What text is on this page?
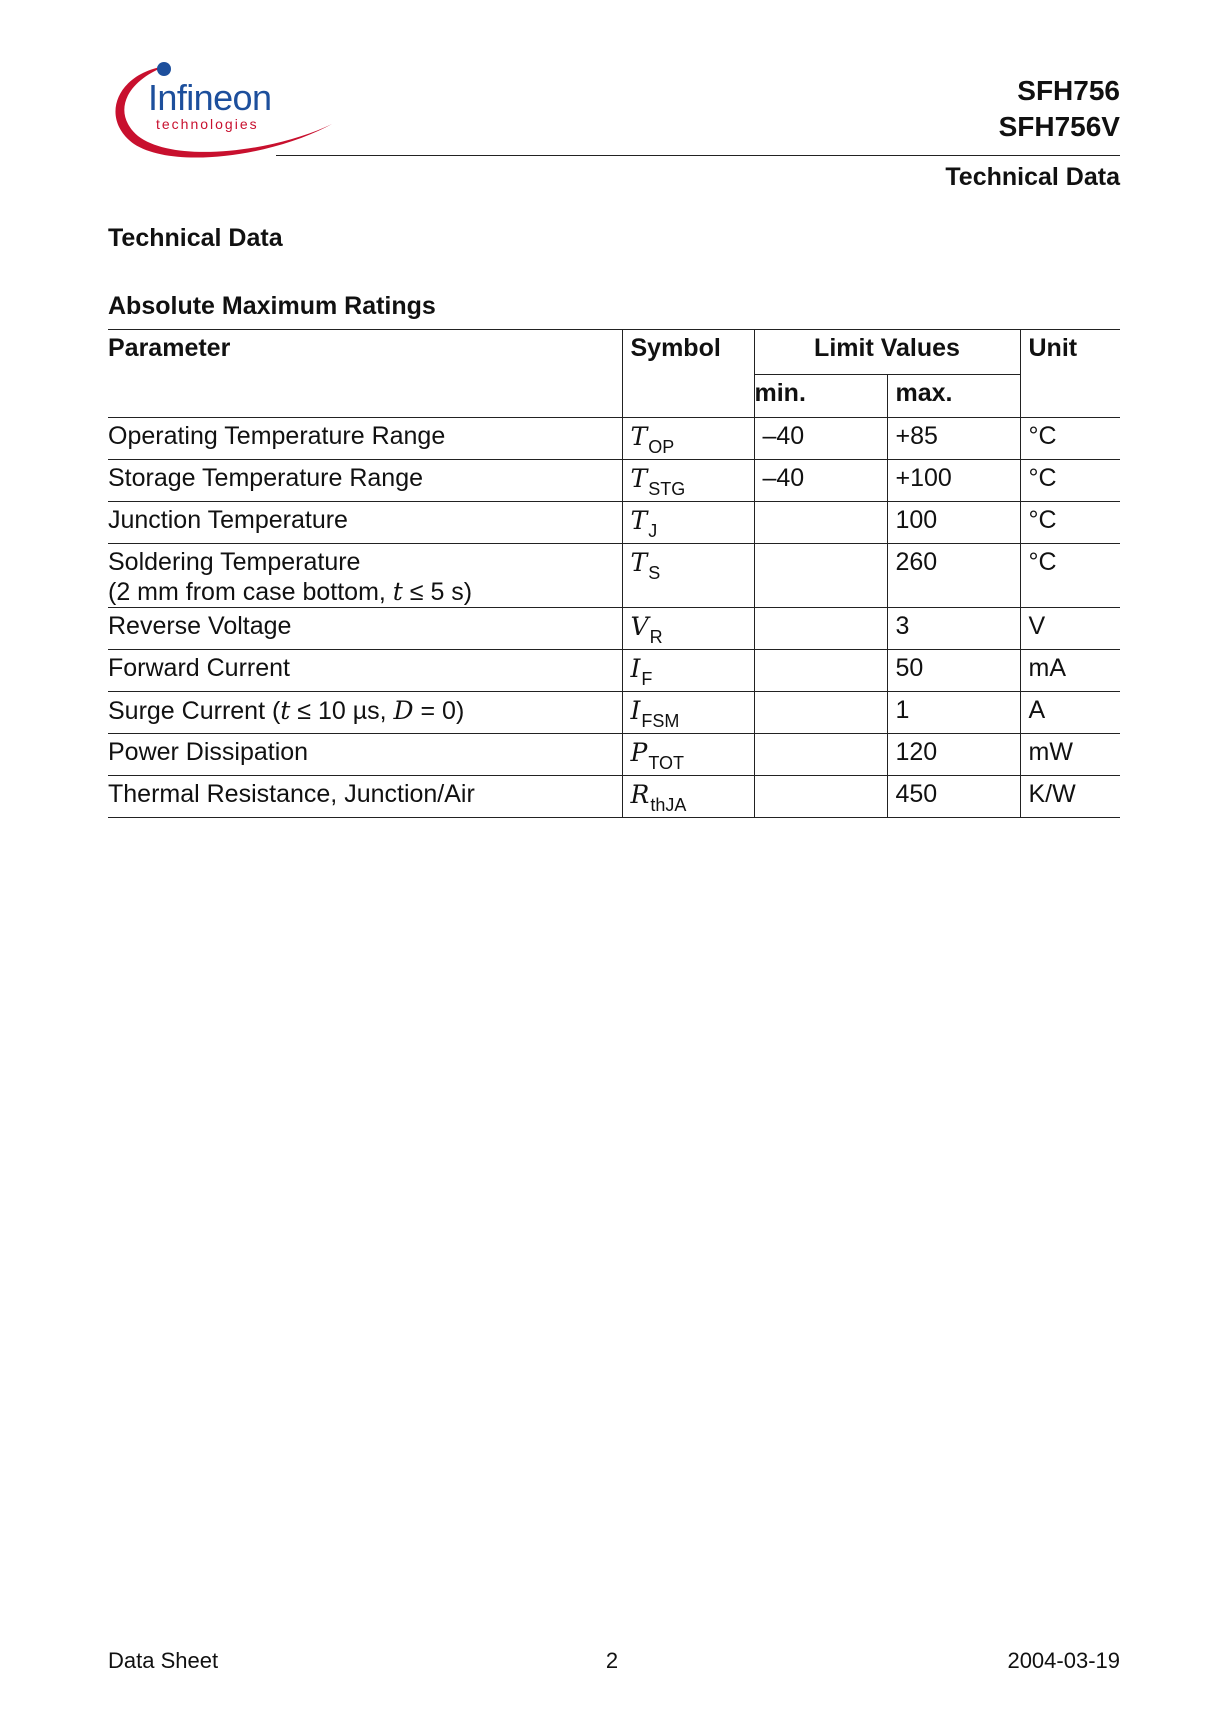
Infineon
technologies
SFH756
SFH756V
Technical Data
Technical Data
Absolute Maximum Ratings
Parameter	Symbol	Limit Values		Unit
		min.	max.	
Operating Temperature Range	$T_{OP}$	–40	+85	°C
Storage Temperature Range	$T_{STG}$	–40	+100	°C
Junction Temperature	$T_J$		100	°C

Soldering Temperature
(2 mm from case bottom, t ≤ 5 s)	$T_S$		260	°C
Reverse Voltage	$V_R$		3	V
Forward Current	$I_F$		50	mA
Surge Current (t ≤ 10 µs, D = 0)	$I_{FSM}$		1	A
Power Dissipation	$P_{TOT}$		120	mW
Thermal Resistance, Junction/Air	$R_{thJA}$		450	K/W
Data Sheet	2	2004-03-19
